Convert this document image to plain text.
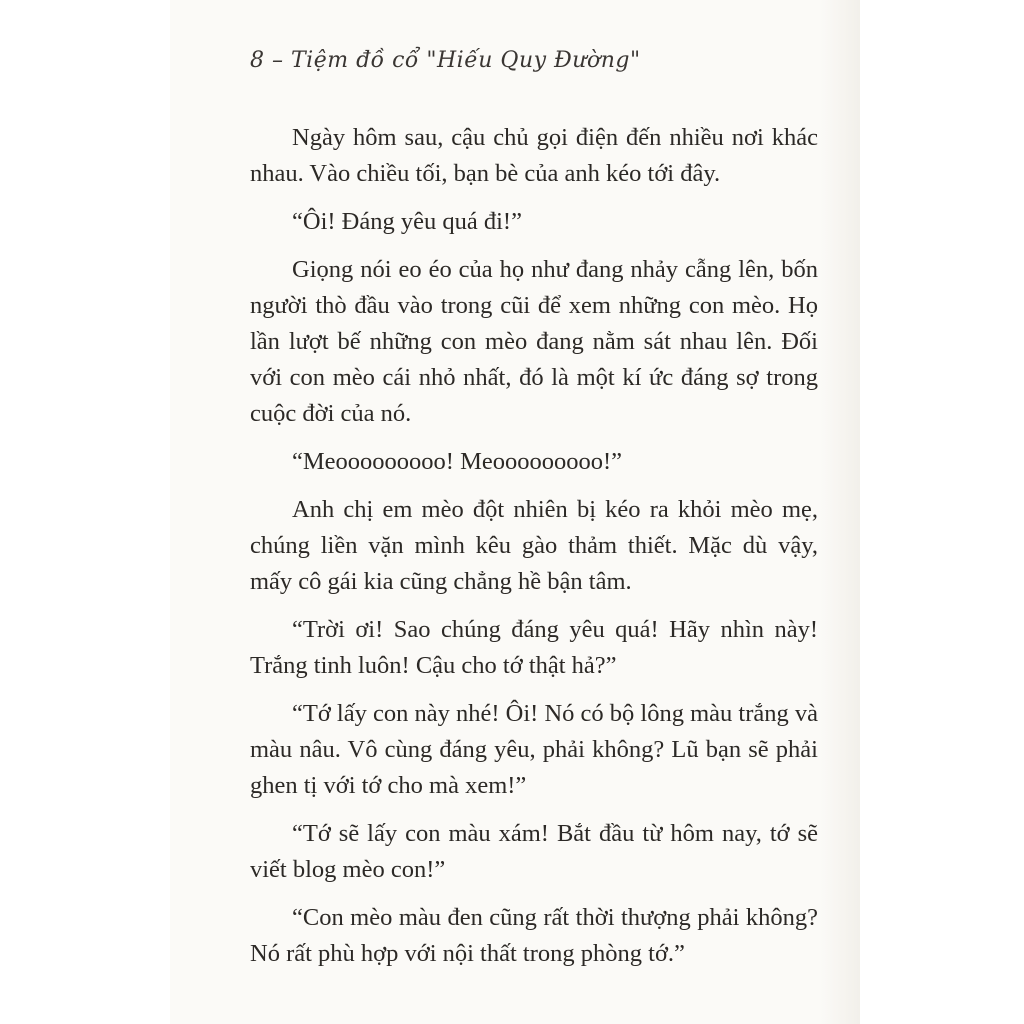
8 – Tiệm đồ cổ "Hiếu Quy Đường"

Ngày hôm sau, cậu chủ gọi điện đến nhiều nơi khác nhau. Vào chiều tối, bạn bè của anh kéo tới đây.

“Ôi! Đáng yêu quá đi!”

Giọng nói eo éo của họ như đang nhảy cẫng lên, bốn người thò đầu vào trong cũi để xem những con mèo. Họ lần lượt bế những con mèo đang nằm sát nhau lên. Đối với con mèo cái nhỏ nhất, đó là một kí ức đáng sợ trong cuộc đời của nó.

“Meooooooooo! Meooooooooo!”

Anh chị em mèo đột nhiên bị kéo ra khỏi mèo mẹ, chúng liền vặn mình kêu gào thảm thiết. Mặc dù vậy, mấy cô gái kia cũng chẳng hề bận tâm.

“Trời ơi! Sao chúng đáng yêu quá! Hãy nhìn này! Trắng tinh luôn! Cậu cho tớ thật hả?”

“Tớ lấy con này nhé! Ôi! Nó có bộ lông màu trắng và màu nâu. Vô cùng đáng yêu, phải không? Lũ bạn sẽ phải ghen tị với tớ cho mà xem!”

“Tớ sẽ lấy con màu xám! Bắt đầu từ hôm nay, tớ sẽ viết blog mèo con!”

“Con mèo màu đen cũng rất thời thượng phải không? Nó rất phù hợp với nội thất trong phòng tớ.”
